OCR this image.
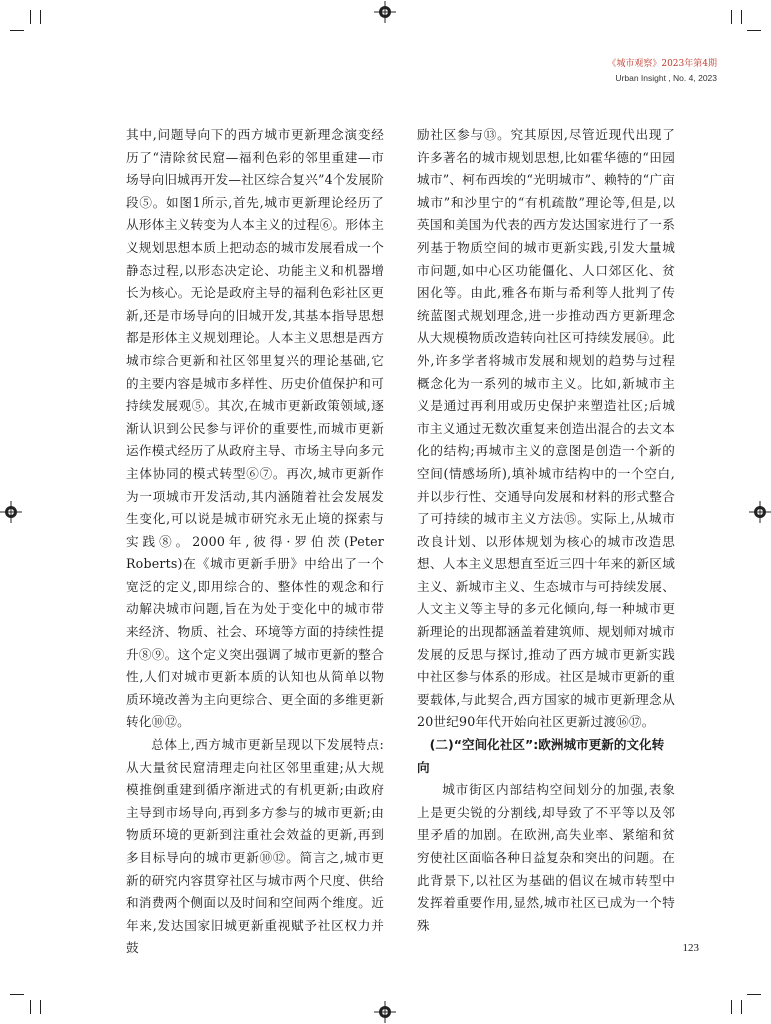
《城市观察》2023年第4期
Urban Insight , No. 4, 2023

其中,问题导向下的西方城市更新理念演变经历了“清除贫民窟—福利色彩的邻里重建—市场导向旧城再开发—社区综合复兴”4个发展阶段⑤。如图1所示,首先,城市更新理论经历了从形体主义转变为人本主义的过程⑥。形体主义规划思想本质上把动态的城市发展看成一个静态过程,以形态决定论、功能主义和机器增长为核心。无论是政府主导的福利色彩社区更新,还是市场导向的旧城开发,其基本指导思想都是形体主义规划理论。人本主义思想是西方城市综合更新和社区邻里复兴的理论基础,它的主要内容是城市多样性、历史价值保护和可持续发展观⑤。其次,在城市更新政策领域,逐渐认识到公民参与评价的重要性,而城市更新运作模式经历了从政府主导、市场主导向多元主体协同的模式转型⑥⑦。再次,城市更新作为一项城市开发活动,其内涵随着社会发展发生变化,可以说是城市研究永无止境的探索与实践⑧。2000年,彼得·罗伯茨(Peter Roberts)在《城市更新手册》中给出了一个宽泛的定义,即用综合的、整体性的观念和行动解决城市问题,旨在为处于变化中的城市带来经济、物质、社会、环境等方面的持续性提升⑧⑨。这个定义突出强调了城市更新的整合性,人们对城市更新本质的认知也从简单以物质环境改善为主向更综合、更全面的多维更新转化⑩⑫。

总体上,西方城市更新呈现以下发展特点:从大量贫民窟清理走向社区邻里重建;从大规模推倒重建到循序渐进式的有机更新;由政府主导到市场导向,再到多方参与的城市更新;由物质环境的更新到注重社会效益的更新,再到多目标导向的城市更新⑩⑫。简言之,城市更新的研究内容贯穿社区与城市两个尺度、供给和消费两个侧面以及时间和空间两个维度。近年来,发达国家旧城更新重视赋予社区权力并鼓

励社区参与⑬。究其原因,尽管近现代出现了许多著名的城市规划思想,比如霍华德的“田园城市”、柯布西埃的“光明城市”、赖特的“广亩城市”和沙里宁的“有机疏散”理论等,但是,以英国和美国为代表的西方发达国家进行了一系列基于物质空间的城市更新实践,引发大量城市问题,如中心区功能僵化、人口郊区化、贫困化等。由此,雅各布斯与希利等人批判了传统蓝图式规划理念,进一步推动西方更新理念从大规模物质改造转向社区可持续发展⑭。此外,许多学者将城市发展和规划的趋势与过程概念化为一系列的城市主义。比如,新城市主义是通过再利用或历史保护来塑造社区;后城市主义通过无数次重复来创造出混合的去文本化的结构;再城市主义的意图是创造一个新的空间(情感场所),填补城市结构中的一个空白,并以步行性、交通导向发展和材料的形式整合了可持续的城市主义方法⑮。实际上,从城市改良计划、以形体规划为核心的城市改造思想、人本主义思想直至近三四十年来的新区域主义、新城市主义、生态城市与可持续发展、人文主义等主导的多元化倾向,每一种城市更新理论的出现都涵盖着建筑师、规划师对城市发展的反思与探讨,推动了西方城市更新实践中社区参与体系的形成。社区是城市更新的重要载体,与此契合,西方国家的城市更新理念从20世纪90年代开始向社区更新过渡⑯⑰。

(二)“空间化社区”:欧洲城市更新的文化转向

城市街区内部结构空间划分的加强,表象上是更尖锐的分割线,却导致了不平等以及邻里矛盾的加剧。在欧洲,高失业率、紧缩和贫穷使社区面临各种日益复杂和突出的问题。在此背景下,以社区为基础的倡议在城市转型中发挥着重要作用,显然,城市社区已成为一个特殊

123
